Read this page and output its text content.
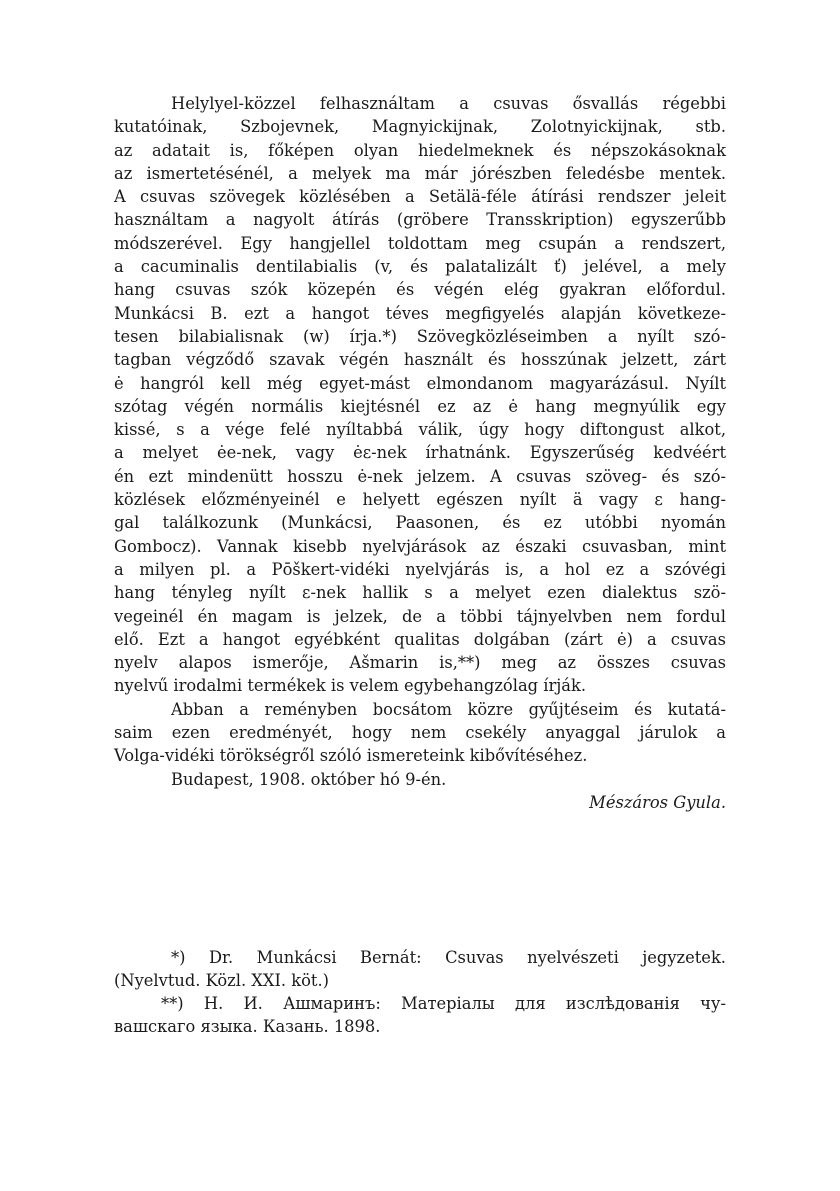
Helylyel-közzel felhasználtam a csuvas ősvallás régebbi
kutatóinak, Szbojevnek, Magnyickijnak, Zolotnyickijnak, stb.
az adatait is, főképen olyan hiedelmeknek és népszokásoknak
az ismertetésénél, a melyek ma már jórészben feledésbe mentek.
A csuvas szövegek közlésében a Setälä-féle átírási rendszer jeleit
használtam a nagyolt átírás (gröbere Transskription) egyszerűbb
módszerével. Egy hangjellel toldottam meg csupán a rendszert,
a cacuminalis dentilabialis (v, és palatalizált ť) jelével, a mely
hang csuvas szók közepén és végén elég gyakran előfordul.
Munkácsi B. ezt a hangot téves megfigyelés alapján következe-
tesen bilabialisnak (w) írja.*) Szövegközléseimben a nyílt szó-
tagban végződő szavak végén használt és hosszúnak jelzett, zárt
ė hangról kell még egyet-mást elmondanom magyarázásul. Nyílt
szótag végén normális kiejtésnél ez az ė hang megnyúlik egy
kissé, s a vége felé nyíltabbá válik, úgy hogy diftongust alkot,
a melyet ėe-nek, vagy ėε-nek írhatnánk. Egyszerűség kedvéért
én ezt mindenütt hosszu ė-nek jelzem. A csuvas szöveg- és szó-
közlések előzményeinél e helyett egészen nyílt ä vagy ε hang-
gal találkozunk (Munkácsi, Paasonen, és ez utóbbi nyomán
Gombocz). Vannak kisebb nyelvjárások az északi csuvasban, mint
a milyen pl. a Pōškert-vidéki nyelvjárás is, a hol ez a szóvégi
hang tényleg nyílt ε-nek hallik s a melyet ezen dialektus szö-
vegeinél én magam is jelzek, de a többi tájnyelvben nem fordul
elő. Ezt a hangot egyébként qualitas dolgában (zárt ė) a csuvas
nyelv alapos ismerője, Ašmarin is,**) meg az összes csuvas
nyelvű irodalmi termékek is velem egybehangzólag írják.
Abban a reményben bocsátom közre gyűjtéseim és kutatá-
saim ezen eredményét, hogy nem csekély anyaggal járulok a
Volga-vidéki törökségről szóló ismereteink kibővítéséhez.
Budapest, 1908. október hó 9-én.
Mészáros Gyula.
*) Dr. Munkácsi Bernát: Csuvas nyelvészeti jegyzetek.
(Nyelvtud. Közl. XXI. köt.)
**) Н. И. Ашмаринъ: Матеріалы для изслѣдованія чу-
вашскаго языка. Казань. 1898.
